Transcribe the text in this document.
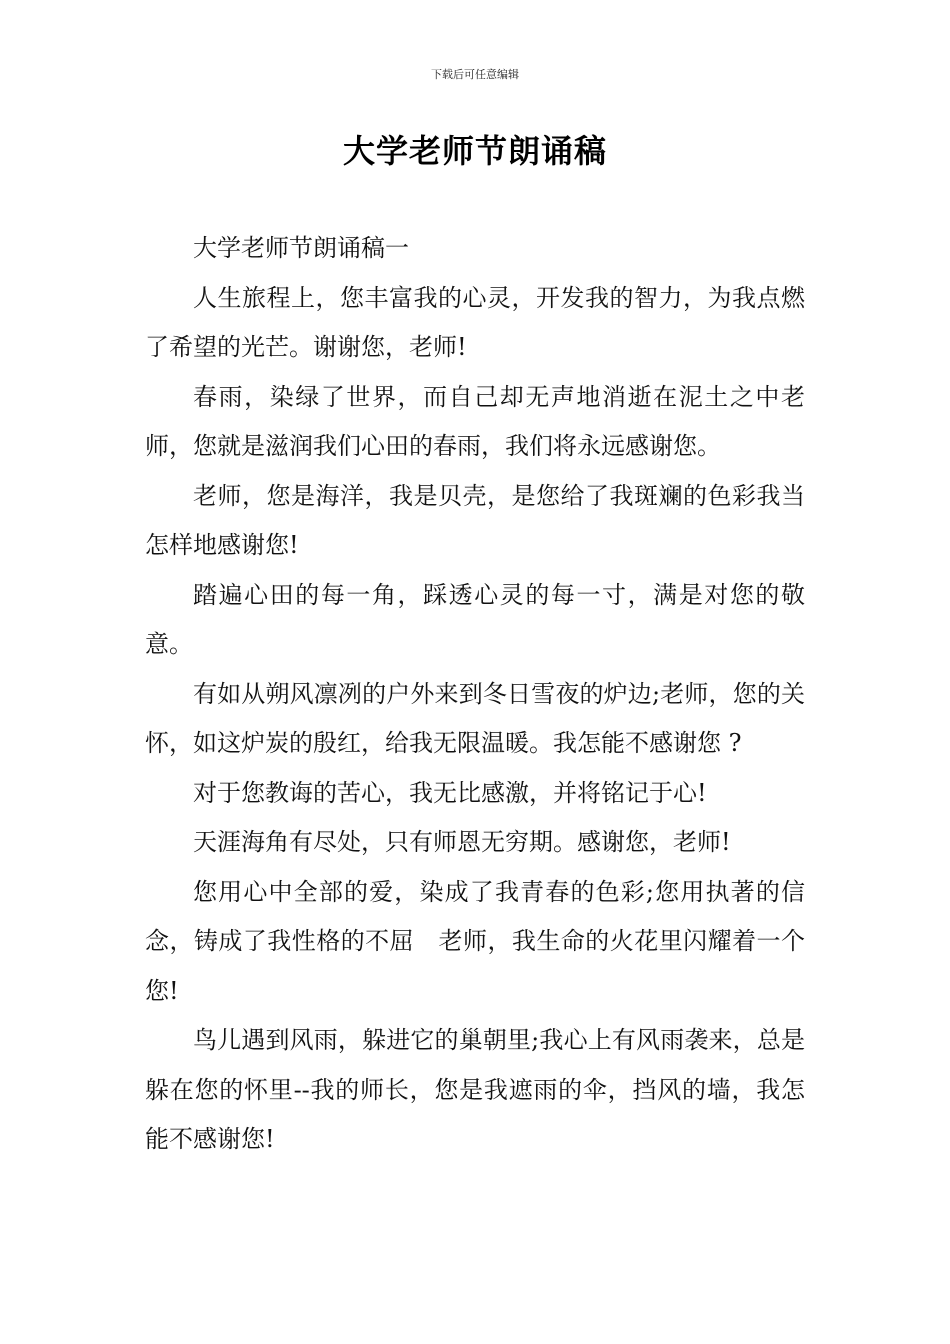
下载后可任意编辑
大学老师节朗诵稿

大学老师节朗诵稿一

人生旅程上，您丰富我的心灵，开发我的智力，为我点燃了希望的光芒。谢谢您，老师!

春雨，染绿了世界，而自己却无声地消逝在泥土之中老师，您就是滋润我们心田的春雨，我们将永远感谢您。

老师，您是海洋，我是贝壳，是您给了我斑斓的色彩我当怎样地感谢您!

踏遍心田的每一角，踩透心灵的每一寸，满是对您的敬意。

有如从朔风凛冽的户外来到冬日雪夜的炉边;老师，您的关怀，如这炉炭的殷红，给我无限温暖。我怎能不感谢您 ?

对于您教诲的苦心，我无比感激，并将铭记于心!

天涯海角有尽处，只有师恩无穷期。感谢您，老师!

您用心中全部的爱，染成了我青春的色彩;您用执著的信念，铸成了我性格的不屈　老师，我生命的火花里闪耀着一个您!

鸟儿遇到风雨，躲进它的巢朝里;我心上有风雨袭来，总是躲在您的怀里--我的师长，您是我遮雨的伞，挡风的墙，我怎能不感谢您!
